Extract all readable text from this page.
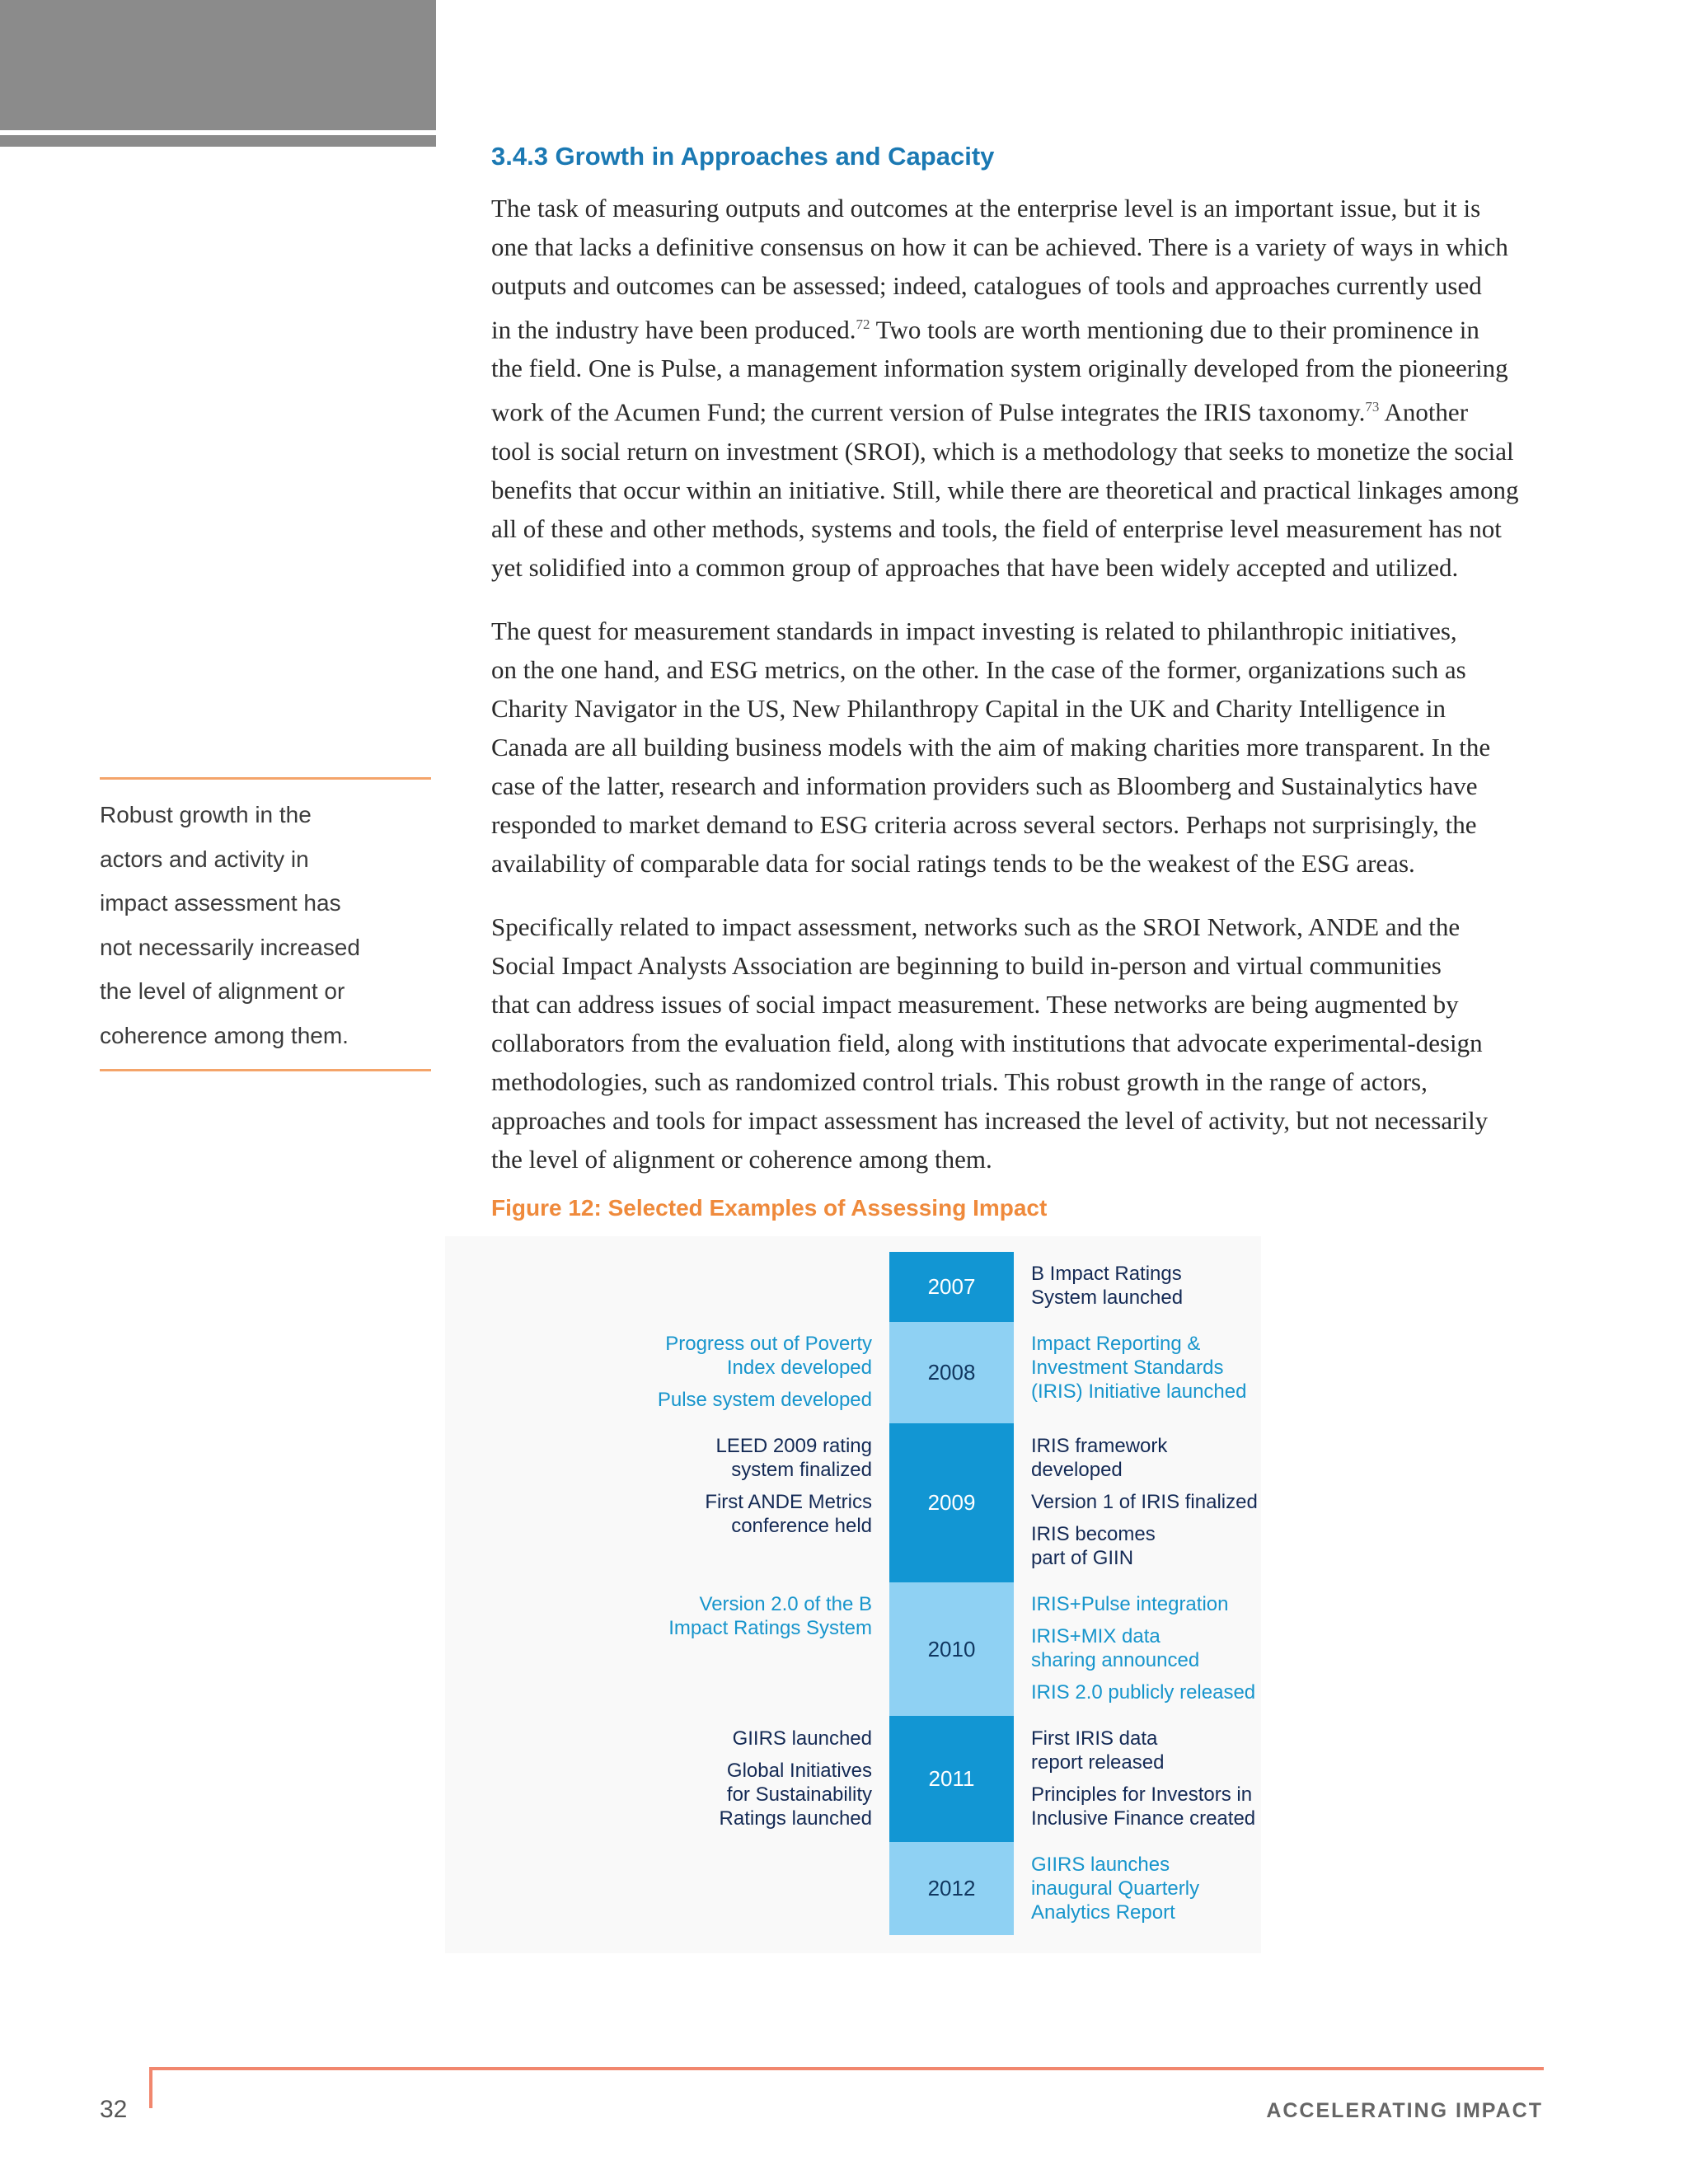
3.4.3 Growth in Approaches and Capacity

The task of measuring outputs and outcomes at the enterprise level is an important issue, but it is
one that lacks a definitive consensus on how it can be achieved. There is a variety of ways in which
outputs and outcomes can be assessed; indeed, catalogues of tools and approaches currently used
in the industry have been produced.$^{72}$ Two tools are worth mentioning due to their prominence in
the field. One is Pulse, a management information system originally developed from the pioneering
work of the Acumen Fund; the current version of Pulse integrates the IRIS taxonomy.$^{73}$ Another
tool is social return on investment (SROI), which is a methodology that seeks to monetize the social
benefits that occur within an initiative. Still, while there are theoretical and practical linkages among
all of these and other methods, systems and tools, the field of enterprise level measurement has not
yet solidified into a common group of approaches that have been widely accepted and utilized.

The quest for measurement standards in impact investing is related to philanthropic initiatives,
on the one hand, and ESG metrics, on the other. In the case of the former, organizations such as
Charity Navigator in the US, New Philanthropy Capital in the UK and Charity Intelligence in
Canada are all building business models with the aim of making charities more transparent. In the
case of the latter, research and information providers such as Bloomberg and Sustainalytics have
responded to market demand to ESG criteria across several sectors. Perhaps not surprisingly, the
availability of comparable data for social ratings tends to be the weakest of the ESG areas.

Specifically related to impact assessment, networks such as the SROI Network, ANDE and the
Social Impact Analysts Association are beginning to build in-person and virtual communities
that can address issues of social impact measurement. These networks are being augmented by
collaborators from the evaluation field, along with institutions that advocate experimental-design
methodologies, such as randomized control trials. This robust growth in the range of actors,
approaches and tools for impact assessment has increased the level of activity, but not necessarily
the level of alignment or coherence among them.

Robust growth in the
actors and activity in
impact assessment has
not necessarily increased
the level of alignment or
coherence among them.
Figure 12: Selected Examples of Assessing Impact
2007
2008
2009
2010
2011
2012
Progress out of Poverty
Index developed
Pulse system developed
LEED 2009 rating
system finalized
First ANDE Metrics
conference held
Version 2.0 of the B
Impact Ratings System
GIIRS launched
Global Initiatives
for Sustainability
Ratings launched
B Impact Ratings
System launched
Impact Reporting &
Investment Standards
(IRIS) Initiative launched
IRIS framework
developed
Version 1 of IRIS finalized
IRIS becomes
part of GIIN
IRIS+Pulse integration
IRIS+MIX data
sharing announced
IRIS 2.0 publicly released
First IRIS data
report released
Principles for Investors in
Inclusive Finance created
GIIRS launches
inaugural Quarterly
Analytics Report
32	ACCELERATING IMPACT
